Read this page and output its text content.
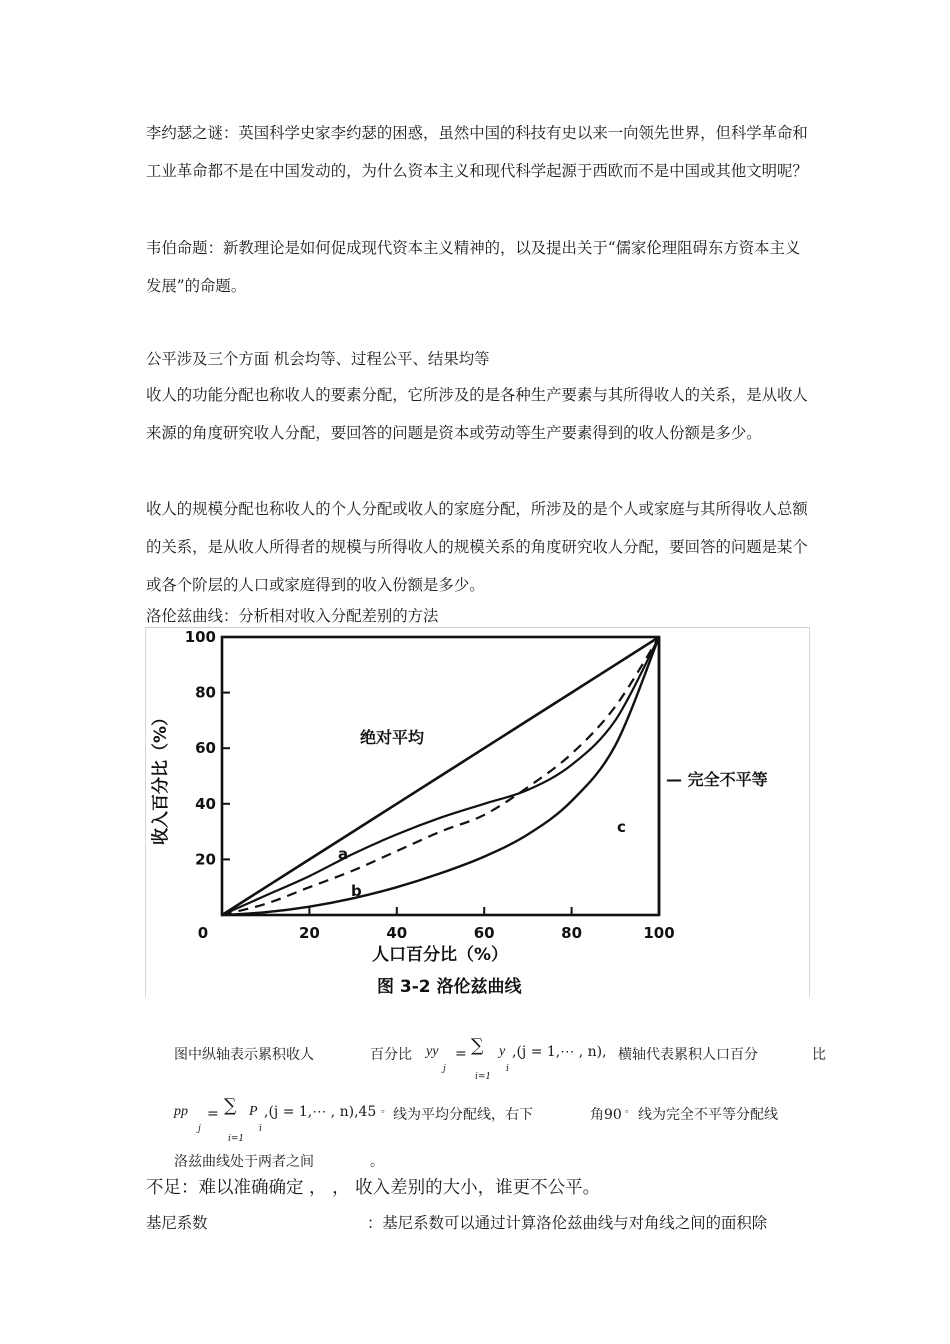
李约瑟之谜：英国科学史家李约瑟的困惑，虽然中国的科技有史以来一向领先世界，但科学革命和工业革命都不是在中国发动的，为什么资本主义和现代科学起源于西欧而不是中国或其他文明呢？
韦伯命题：新教理论是如何促成现代资本主义精神的，以及提出关于“儒家伦理阻碍东方资本主义发展”的命题。
公平涉及三个方面 机会均等、过程公平、结果均等
收人的功能分配也称收人的要素分配，它所涉及的是各种生产要素与其所得收人的关系，是从收人来源的角度研究收人分配，要回答的问题是资本或劳动等生产要素得到的收人份额是多少。
收人的规模分配也称收人的个人分配或收人的家庭分配，所涉及的是个人或家庭与其所得收人总额的关系，是从收人所得者的规模与所得收人的规模关系的角度研究收人分配，要回答的问题是某个或各个阶层的人口或家庭得到的收入份额是多少。
洛伦兹曲线：分析相对收入分配差别的方法
20
40
60
80
100
20	40	60	80	100
0
收入百分比（%）
人口百分比（%）
图 3-2 洛伦兹曲线
绝对平均
— 完全不平等
a
b
c
图中纵轴表示累积收人	百分比 yy
j
= ∑
i=1
y
i
,(j = 1,⋯ , n), 横轴代表累积人口百分	比
pp
j
= ∑
i=1
P
i
,(j = 1,⋯ , n),45 。 线为平均分配线，右下	角90 。 线为完全不平等分配线
洛兹曲线处于两者之间	。
不足：难以准确确定 ， ， 收入差别的大小，谁更不公平。
基尼系数	：基尼系数可以通过计算洛伦兹曲线与对角线之间的面积除
